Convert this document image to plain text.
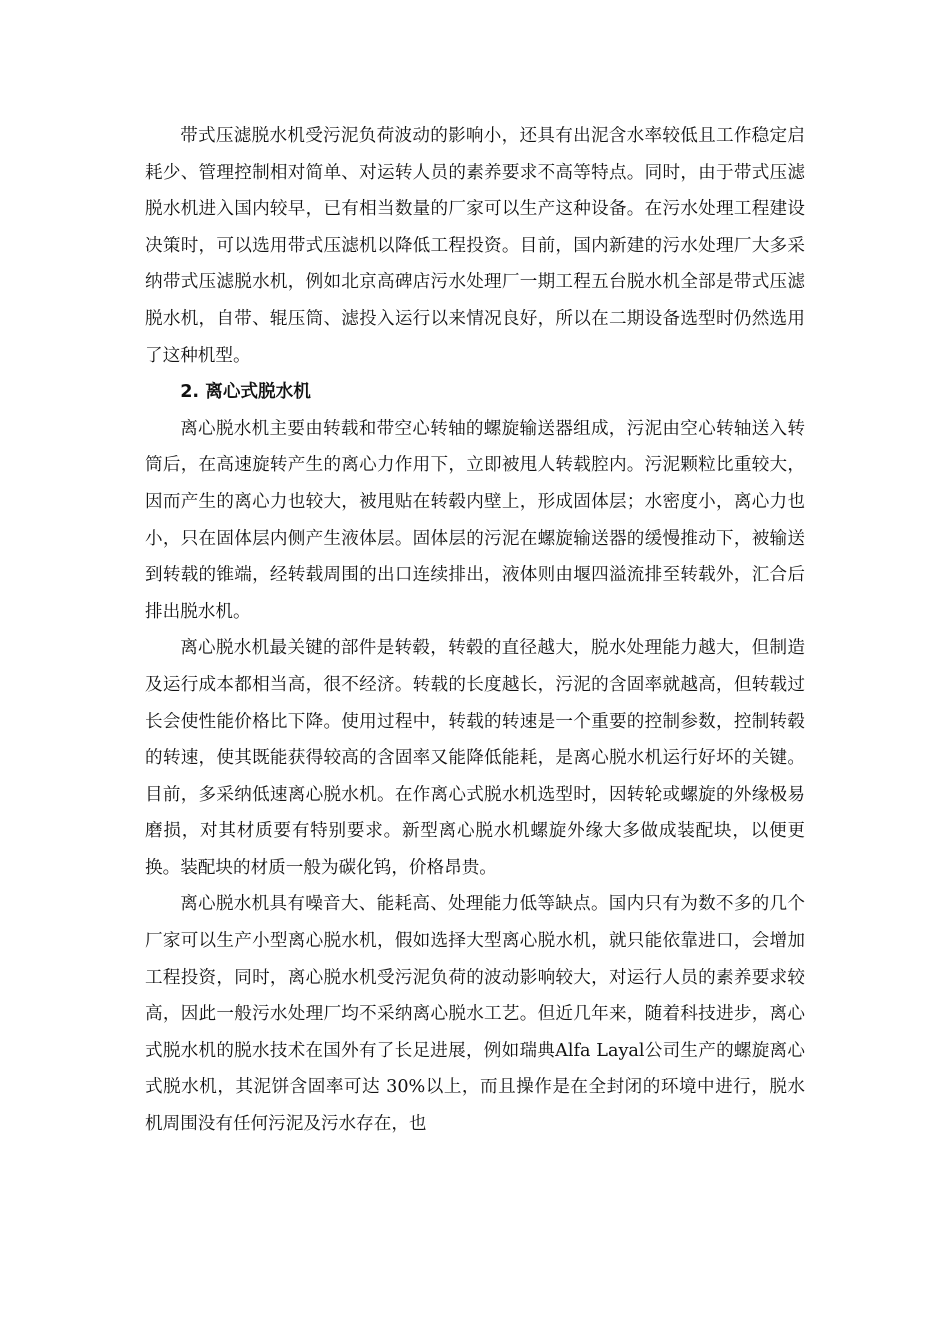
带式压滤脱水机受污泥负荷波动的影响小，还具有出泥含水率较低且工作稳定启耗少、管理控制相对简单、对运转人员的素养要求不高等特点。同时，由于带式压滤脱水机进入国内较早，已有相当数量的厂家可以生产这种设备。在污水处理工程建设决策时，可以选用带式压滤机以降低工程投资。目前，国内新建的污水处理厂大多采纳带式压滤脱水机，例如北京高碑店污水处理厂一期工程五台脱水机全部是带式压滤脱水机，自带、辊压筒、滤投入运行以来情况良好，所以在二期设备选型时仍然选用了这种机型。

2. 离心式脱水机

离心脱水机主要由转载和带空心转轴的螺旋输送器组成，污泥由空心转轴送入转筒后，在高速旋转产生的离心力作用下，立即被甩人转载腔内。污泥颗粒比重较大，因而产生的离心力也较大，被甩贴在转毂内壁上，形成固体层；水密度小，离心力也小，只在固体层内侧产生液体层。固体层的污泥在螺旋输送器的缓慢推动下，被输送到转载的锥端，经转载周围的出口连续排出，液体则由堰四溢流排至转载外，汇合后排出脱水机。

离心脱水机最关键的部件是转毂，转毂的直径越大，脱水处理能力越大，但制造及运行成本都相当高，很不经济。转载的长度越长，污泥的含固率就越高，但转载过长会使性能价格比下降。使用过程中，转载的转速是一个重要的控制参数，控制转毂的转速，使其既能获得较高的含固率又能降低能耗，是离心脱水机运行好坏的关键。目前，多采纳低速离心脱水机。在作离心式脱水机选型时，因转轮或螺旋的外缘极易磨损，对其材质要有特别要求。新型离心脱水机螺旋外缘大多做成装配块，以便更换。装配块的材质一般为碳化钨，价格昂贵。

离心脱水机具有噪音大、能耗高、处理能力低等缺点。国内只有为数不多的几个厂家可以生产小型离心脱水机，假如选择大型离心脱水机，就只能依靠进口，会增加工程投资，同时，离心脱水机受污泥负荷的波动影响较大，对运行人员的素养要求较高，因此一般污水处理厂均不采纳离心脱水工艺。但近几年来，随着科技进步，离心式脱水机的脱水技术在国外有了长足进展，例如瑞典Alfa Layal公司生产的螺旋离心式脱水机，其泥饼含固率可达 30%以上，而且操作是在全封闭的环境中进行，脱水机周围没有任何污泥及污水存在，也
